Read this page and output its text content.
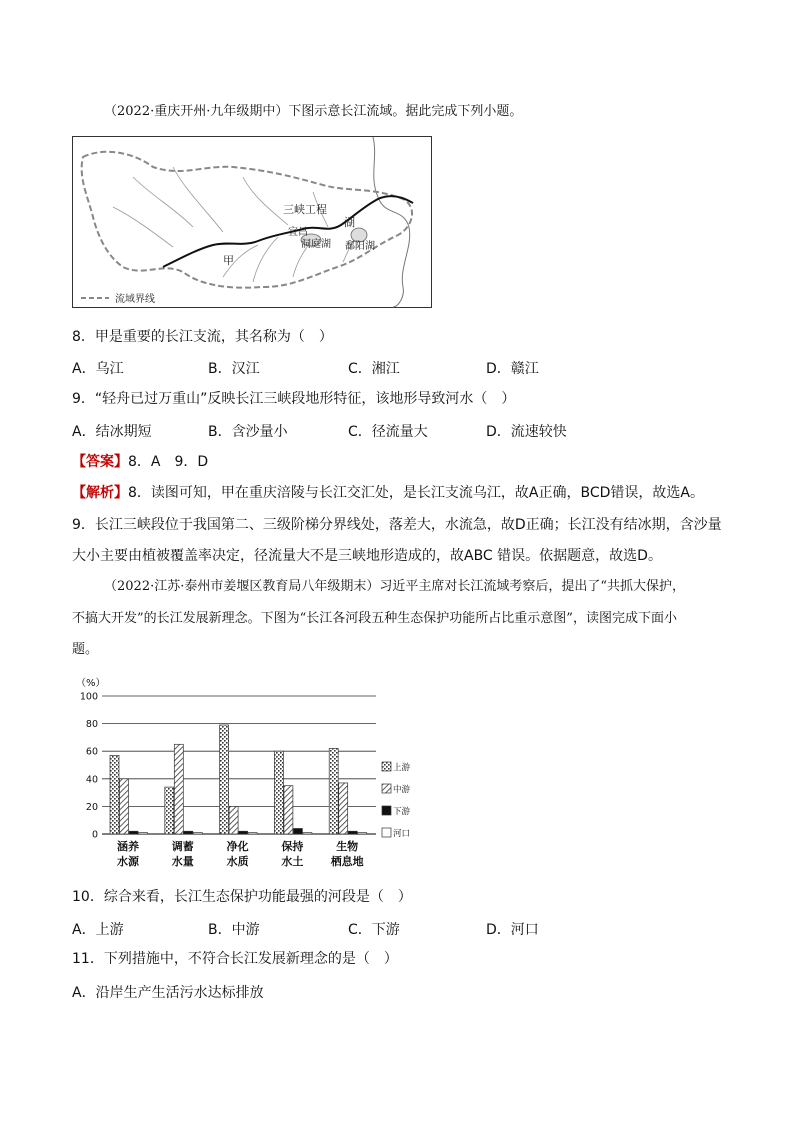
（2022·重庆开州·九年级期中）下图示意长江流域。据此完成下列小题。
三峡工程
宜昌
湖
洞庭湖 鄱阳湖
甲
流域界线
8．甲是重要的长江支流，其名称为（　）
A．乌江	B．汉江	C．湘江	D．赣江
9．“轻舟已过万重山”反映长江三峡段地形特征，该地形导致河水（　）
A．结冰期短	B．含沙量小	C．径流量大	D．流速较快
【答案】8．A　9．D
【解析】8．读图可知，甲在重庆涪陵与长江交汇处，是长江支流乌江，故A正确，BCD错误，故选A。
9．长江三峡段位于我国第二、三级阶梯分界线处，落差大，水流急，故D正确；长江没有结冰期，含沙量
大小主要由植被覆盖率决定，径流量大不是三峡地形造成的，故ABC 错误。依据题意，故选D。
（2022·江苏·泰州市姜堰区教育局八年级期末）习近平主席对长江流域考察后，提出了“共抓大保护，
不搞大开发”的长江发展新理念。下图为“长江各河段五种生态保护功能所占比重示意图”，读图完成下面小
题。
（%）
100
80
60
40
20
0
涵养
水源
调蓄
水量
净化
水质
保持
水土
生物
栖息地
上游
中游
下游
河口
10．综合来看，长江生态保护功能最强的河段是（　）
A．上游	B．中游	C．下游	D．河口
11．下列措施中，不符合长江发展新理念的是（　）
A．沿岸生产生活污水达标排放
